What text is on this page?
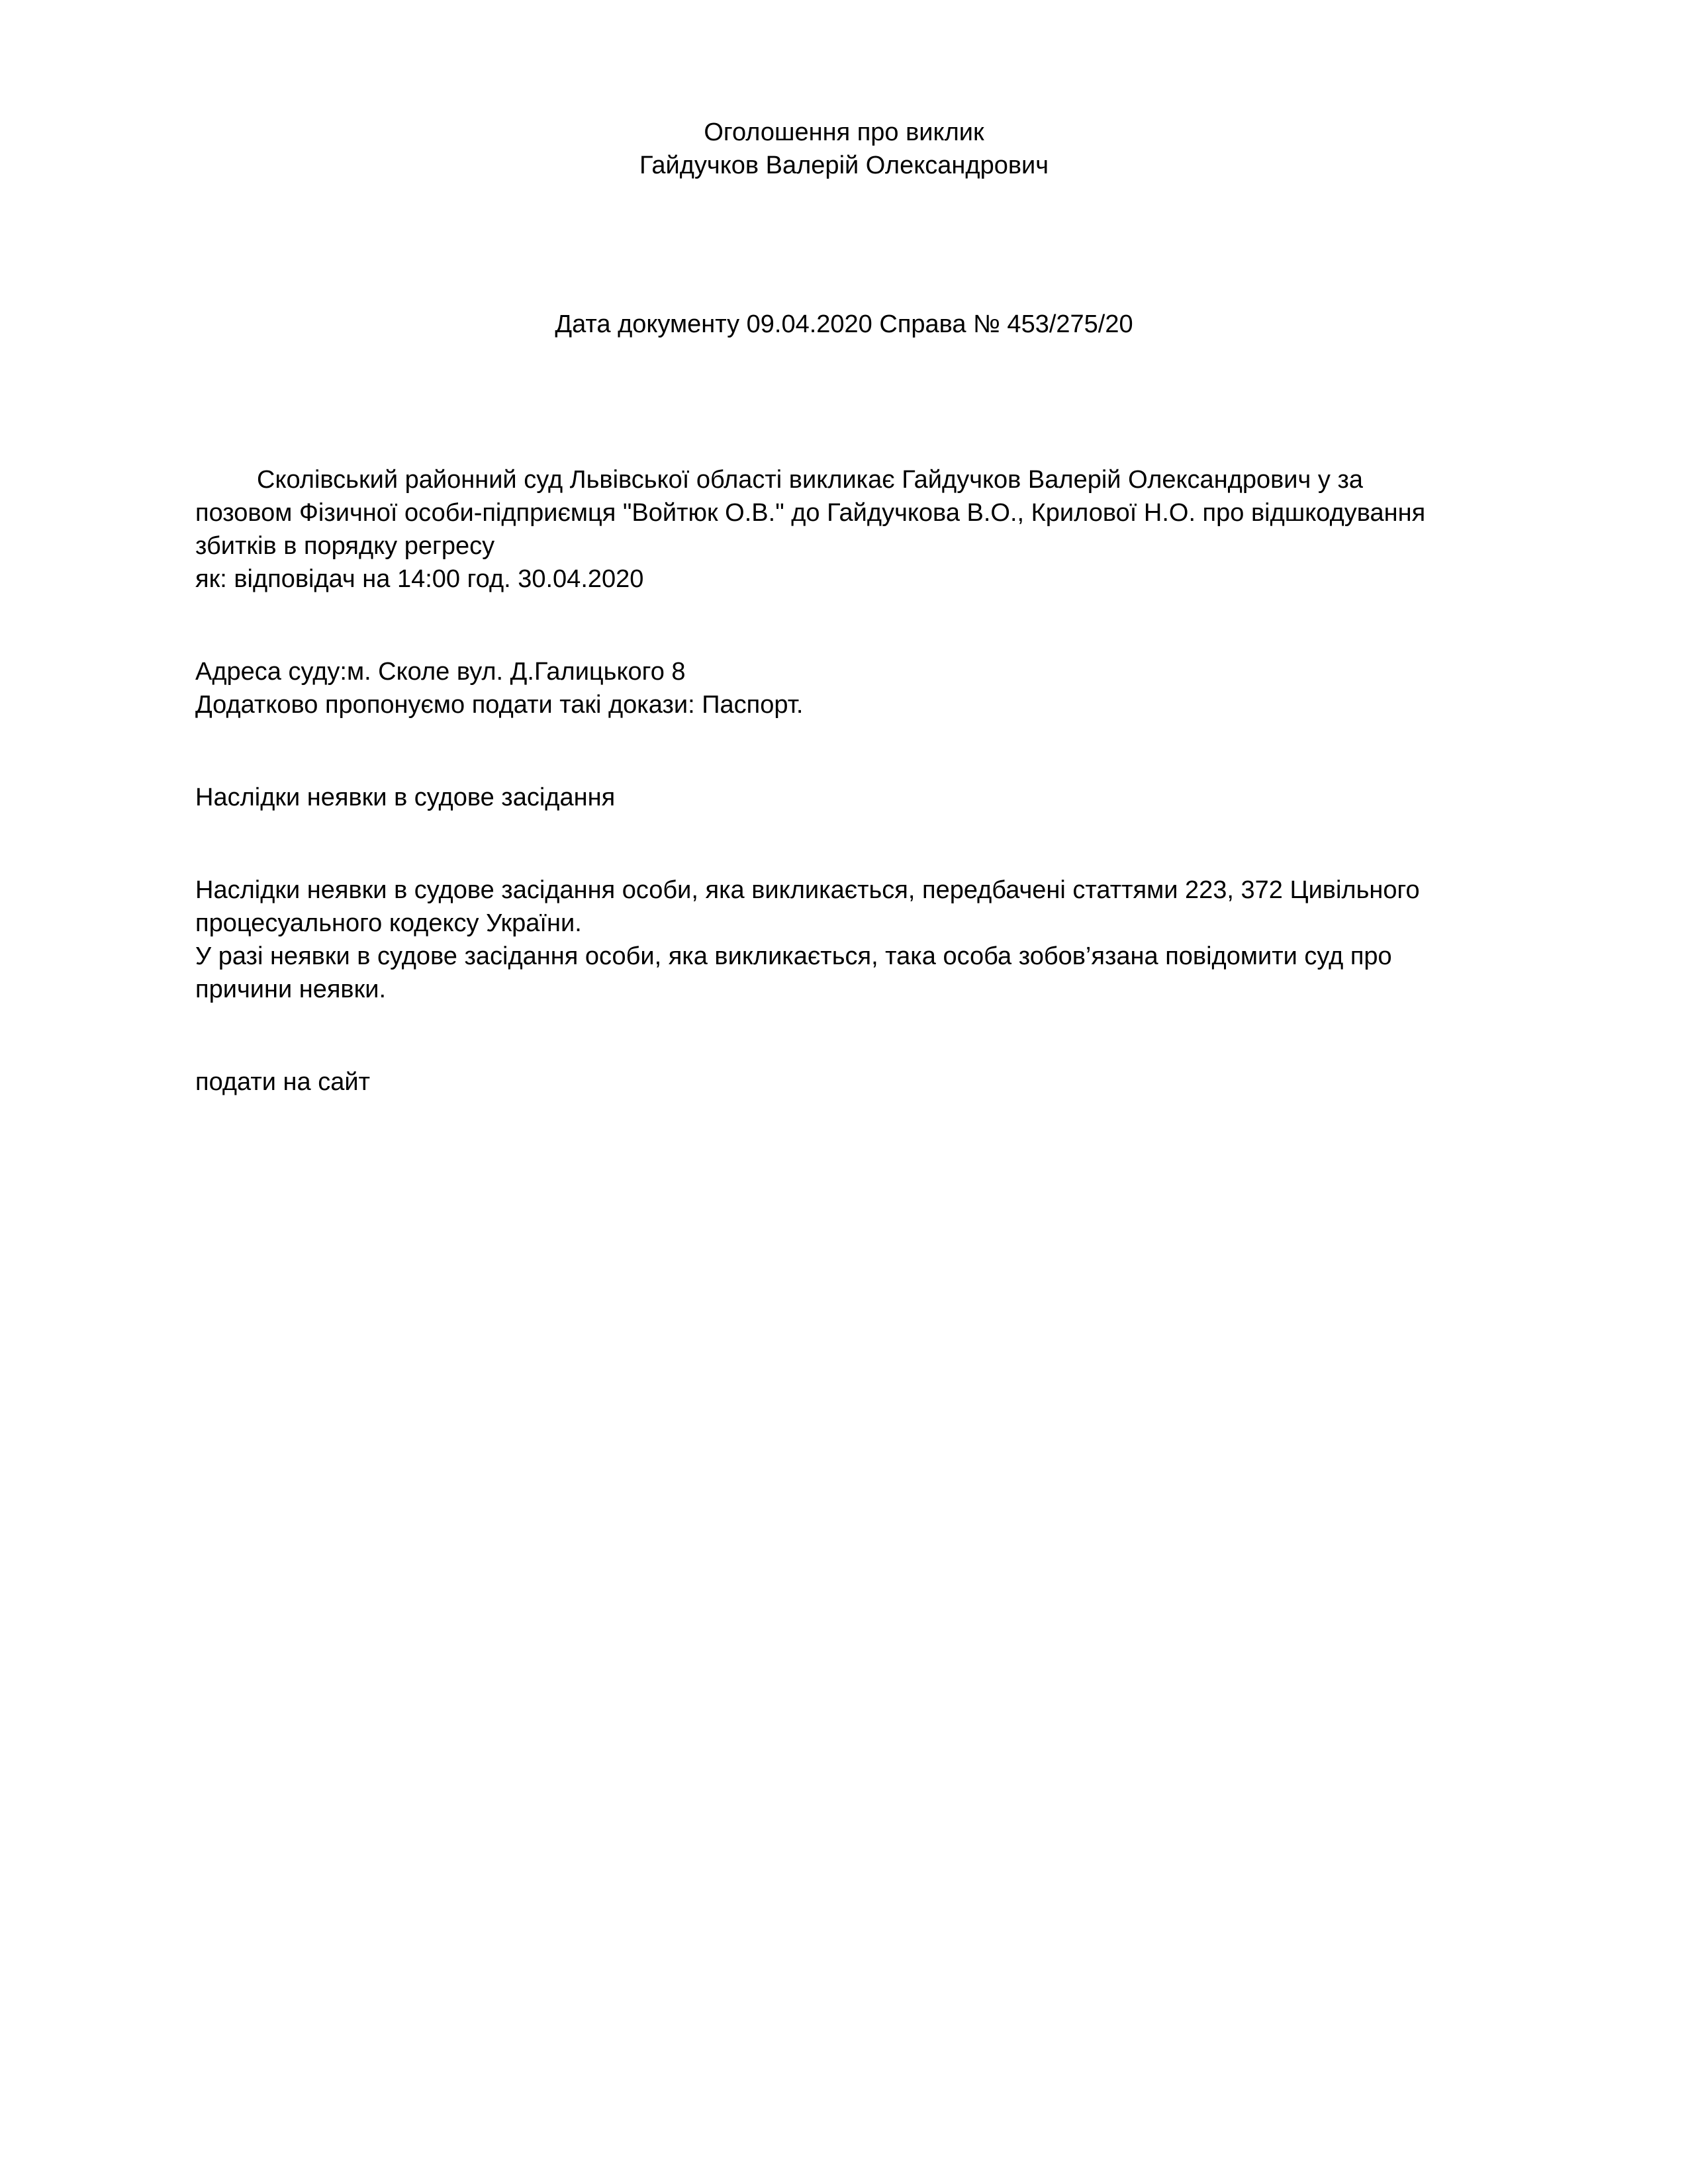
Оголошення про виклик
Гайдучков Валерій Олександрович
Дата документу 09.04.2020 Справа № 453/275/20
Сколівський районний суд Львівської області викликає Гайдучков Валерій Олександрович у за
позовом Фізичної особи-підприємця "Войтюк О.В." до Гайдучкова В.О., Крилової Н.О. про відшкодування
збитків в порядку регресу
як: відповідач на 14:00 год. 30.04.2020
Адреса суду:м. Сколе вул. Д.Галицького 8
Додатково пропонуємо подати такі докази: Паспорт.
Наслідки неявки в судове засідання
Наслідки неявки в судове засідання особи, яка викликається, передбачені статтями 223, 372 Цивільного
процесуального кодексу України.
У разі неявки в судове засідання особи, яка викликається, така особа зобов’язана повідомити суд про
причини неявки.
подати на сайт
